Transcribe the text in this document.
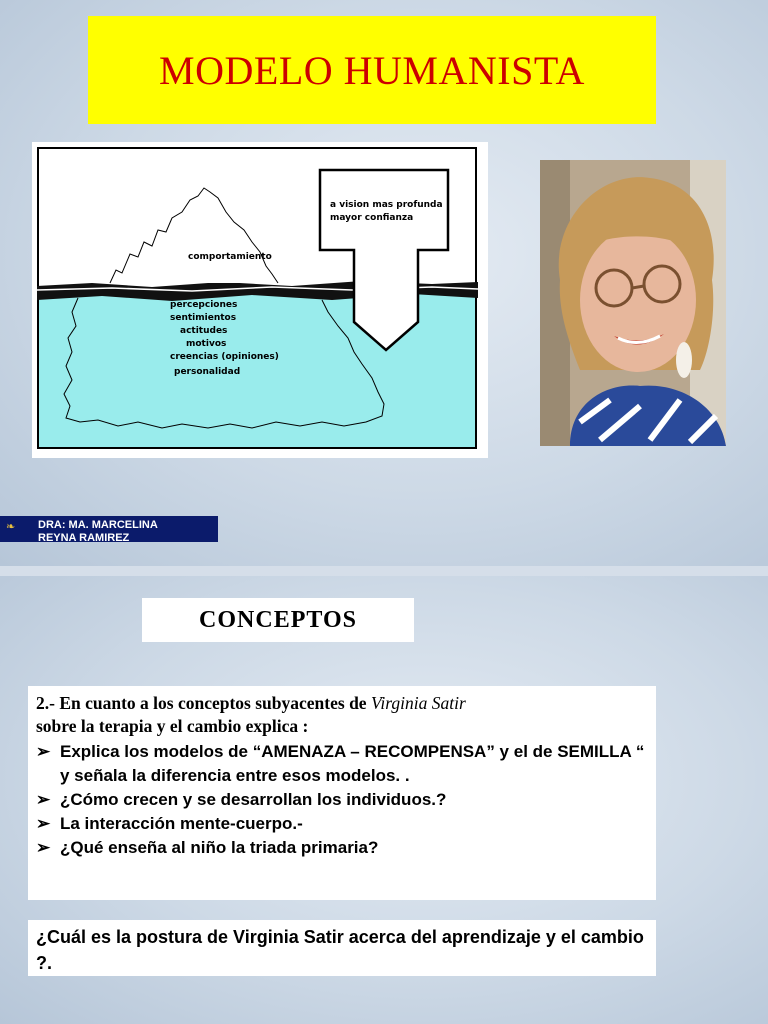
MODELO HUMANISTA
a vision mas profunda
mayor confianza
comportamiento
percepciones
sentimientos
actitudes
motivos
creencias (opiniones)
personalidad
❧ DRA: MA. MARCELINA
REYNA RAMIREZ
CONCEPTOS
2.- En cuanto a los conceptos subyacentes de Virginia Satir
sobre la terapia y el cambio explica :
➢ Explica los modelos de “AMENAZA – RECOMPENSA” y el de SEMILLA “ y señala la diferencia entre esos modelos. .
➢ ¿Cómo crecen y se desarrollan los individuos.?
➢ La interacción mente-cuerpo.-
➢ ¿Qué enseña al niño la triada primaria?
¿Cuál es la postura de Virginia Satir acerca del aprendizaje y el cambio ?.
